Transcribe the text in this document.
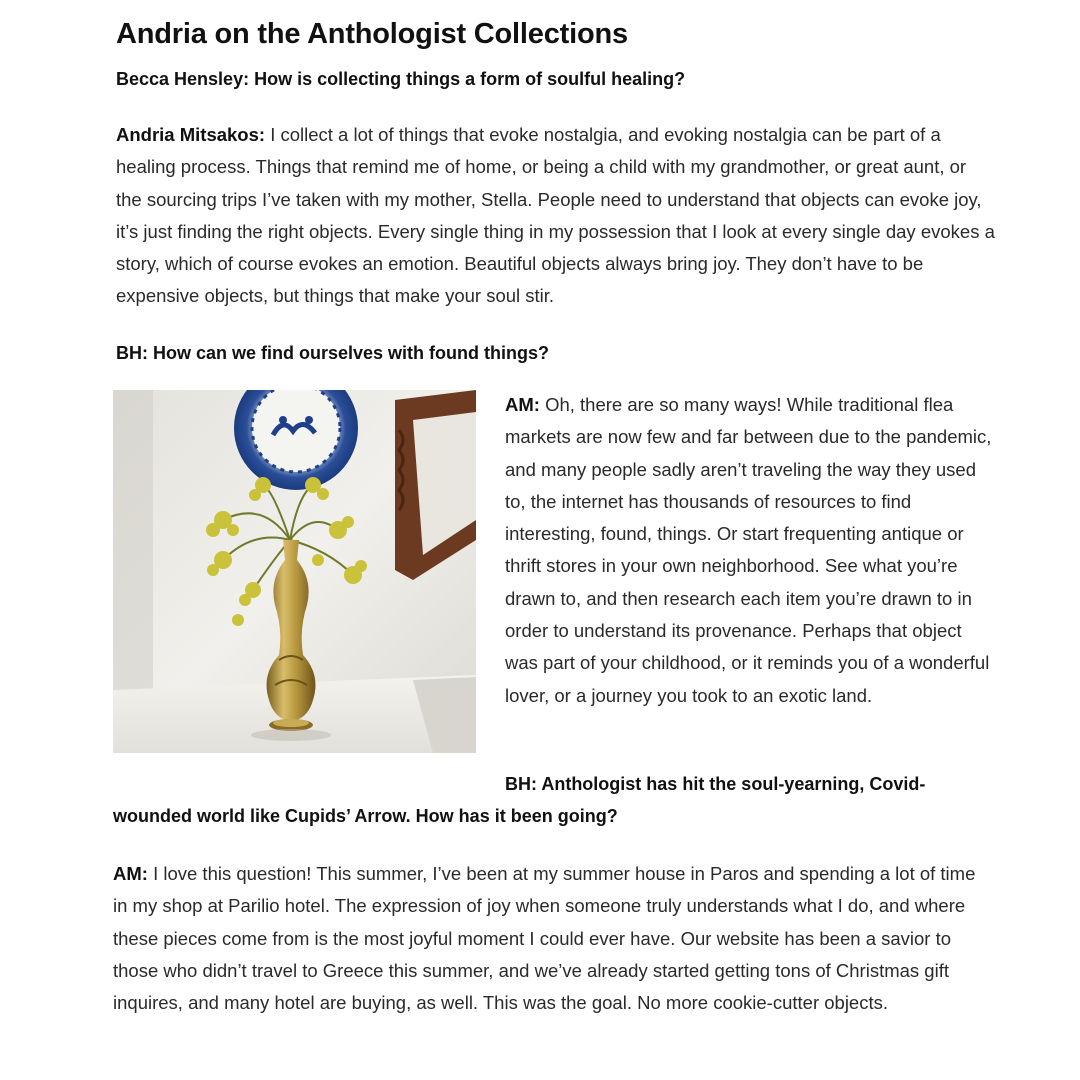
Andria on the Anthologist Collections

Becca Hensley: How is collecting things a form of soulful healing?

Andria Mitsakos: I collect a lot of things that evoke nostalgia, and evoking nostalgia can be part of a healing process. Things that remind me of home, or being a child with my grandmother, or great aunt, or the sourcing trips I’ve taken with my mother, Stella. People need to understand that objects can evoke joy, it’s just finding the right objects. Every single thing in my possession that I look at every single day evokes a story, which of course evokes an emotion. Beautiful objects always bring joy. They don’t have to be expensive objects, but things that make your soul stir.

BH: How can we find ourselves with found things?

AM: Oh, there are so many ways! While traditional flea markets are now few and far between due to the pandemic, and many people sadly aren’t traveling the way they used to, the internet has thousands of resources to find interesting, found, things. Or start frequenting antique or thrift stores in your own neighborhood. See what you’re drawn to, and then research each item you’re drawn to in order to understand its provenance. Perhaps that object was part of your childhood, or it reminds you of a wonderful lover, or a journey you took to an exotic land.

BH: Anthologist has hit the soul-yearning, Covid-wounded world like Cupids’ Arrow. How has it been going?

AM: I love this question! This summer, I’ve been at my summer house in Paros and spending a lot of time in my shop at Parilio hotel. The expression of joy when someone truly understands what I do, and where these pieces come from is the most joyful moment I could ever have. Our website has been a savior to those who didn’t travel to Greece this summer, and we’ve already started getting tons of Christmas gift inquires, and many hotel are buying, as well. This was the goal. No more cookie-cutter objects.
